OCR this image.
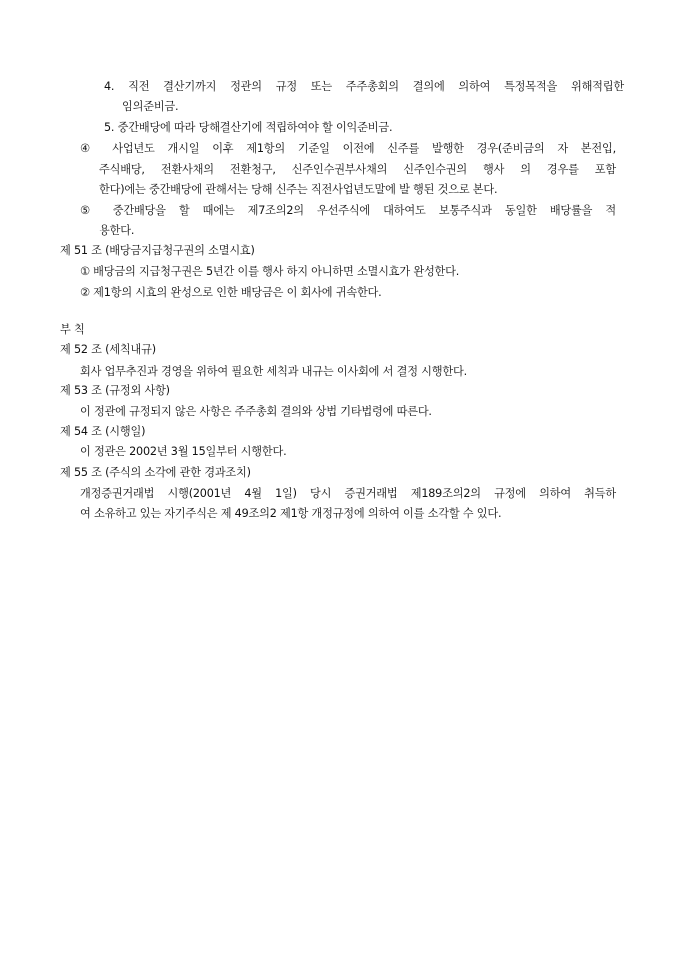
4. 직전 결산기까지 정관의 규정 또는 주주총회의 결의에 의하여 특정목적을 위해적립한
임의준비금.
5. 중간배당에 따라 당해결산기에 적립하여야 할 이익준비금.
④ 사업년도 개시일 이후 제1항의 기준일 이전에 신주를 발행한 경우(준비금의 자 본전입,
주식배당, 전환사채의 전환청구, 신주인수권부사채의 신주인수권의 행사 의 경우를 포함
한다)에는 중간배당에 관해서는 당해 신주는 직전사업년도말에 발 행된 것으로 본다.
⑤ 중간배당을 할 때에는 제7조의2의 우선주식에 대하여도 보통주식과 동일한 배당률을 적
용한다.
제 51 조 (배당금지급청구권의 소멸시효)
① 배당금의 지급청구권은 5년간 이를 행사 하지 아니하면 소멸시효가 완성한다.
② 제1항의 시효의 완성으로 인한 배당금은 이 회사에 귀속한다.
부 칙
제 52 조 (세칙내규)
회사 업무추진과 경영을 위하여 필요한 세칙과 내규는 이사회에 서 결정 시행한다.
제 53 조 (규정외 사항)
이 정관에 규정되지 않은 사항은 주주총회 결의와 상법 기타법령에 따른다.
제 54 조 (시행일)
이 정관은 2002년 3월 15일부터 시행한다.
제 55 조 (주식의 소각에 관한 경과조치)
개정증권거래법 시행(2001년 4월 1일) 당시 증권거래법 제189조의2의 규정에 의하여 취득하
여 소유하고 있는 자기주식은 제 49조의2 제1항 개정규정에 의하여 이를 소각할 수 있다.
